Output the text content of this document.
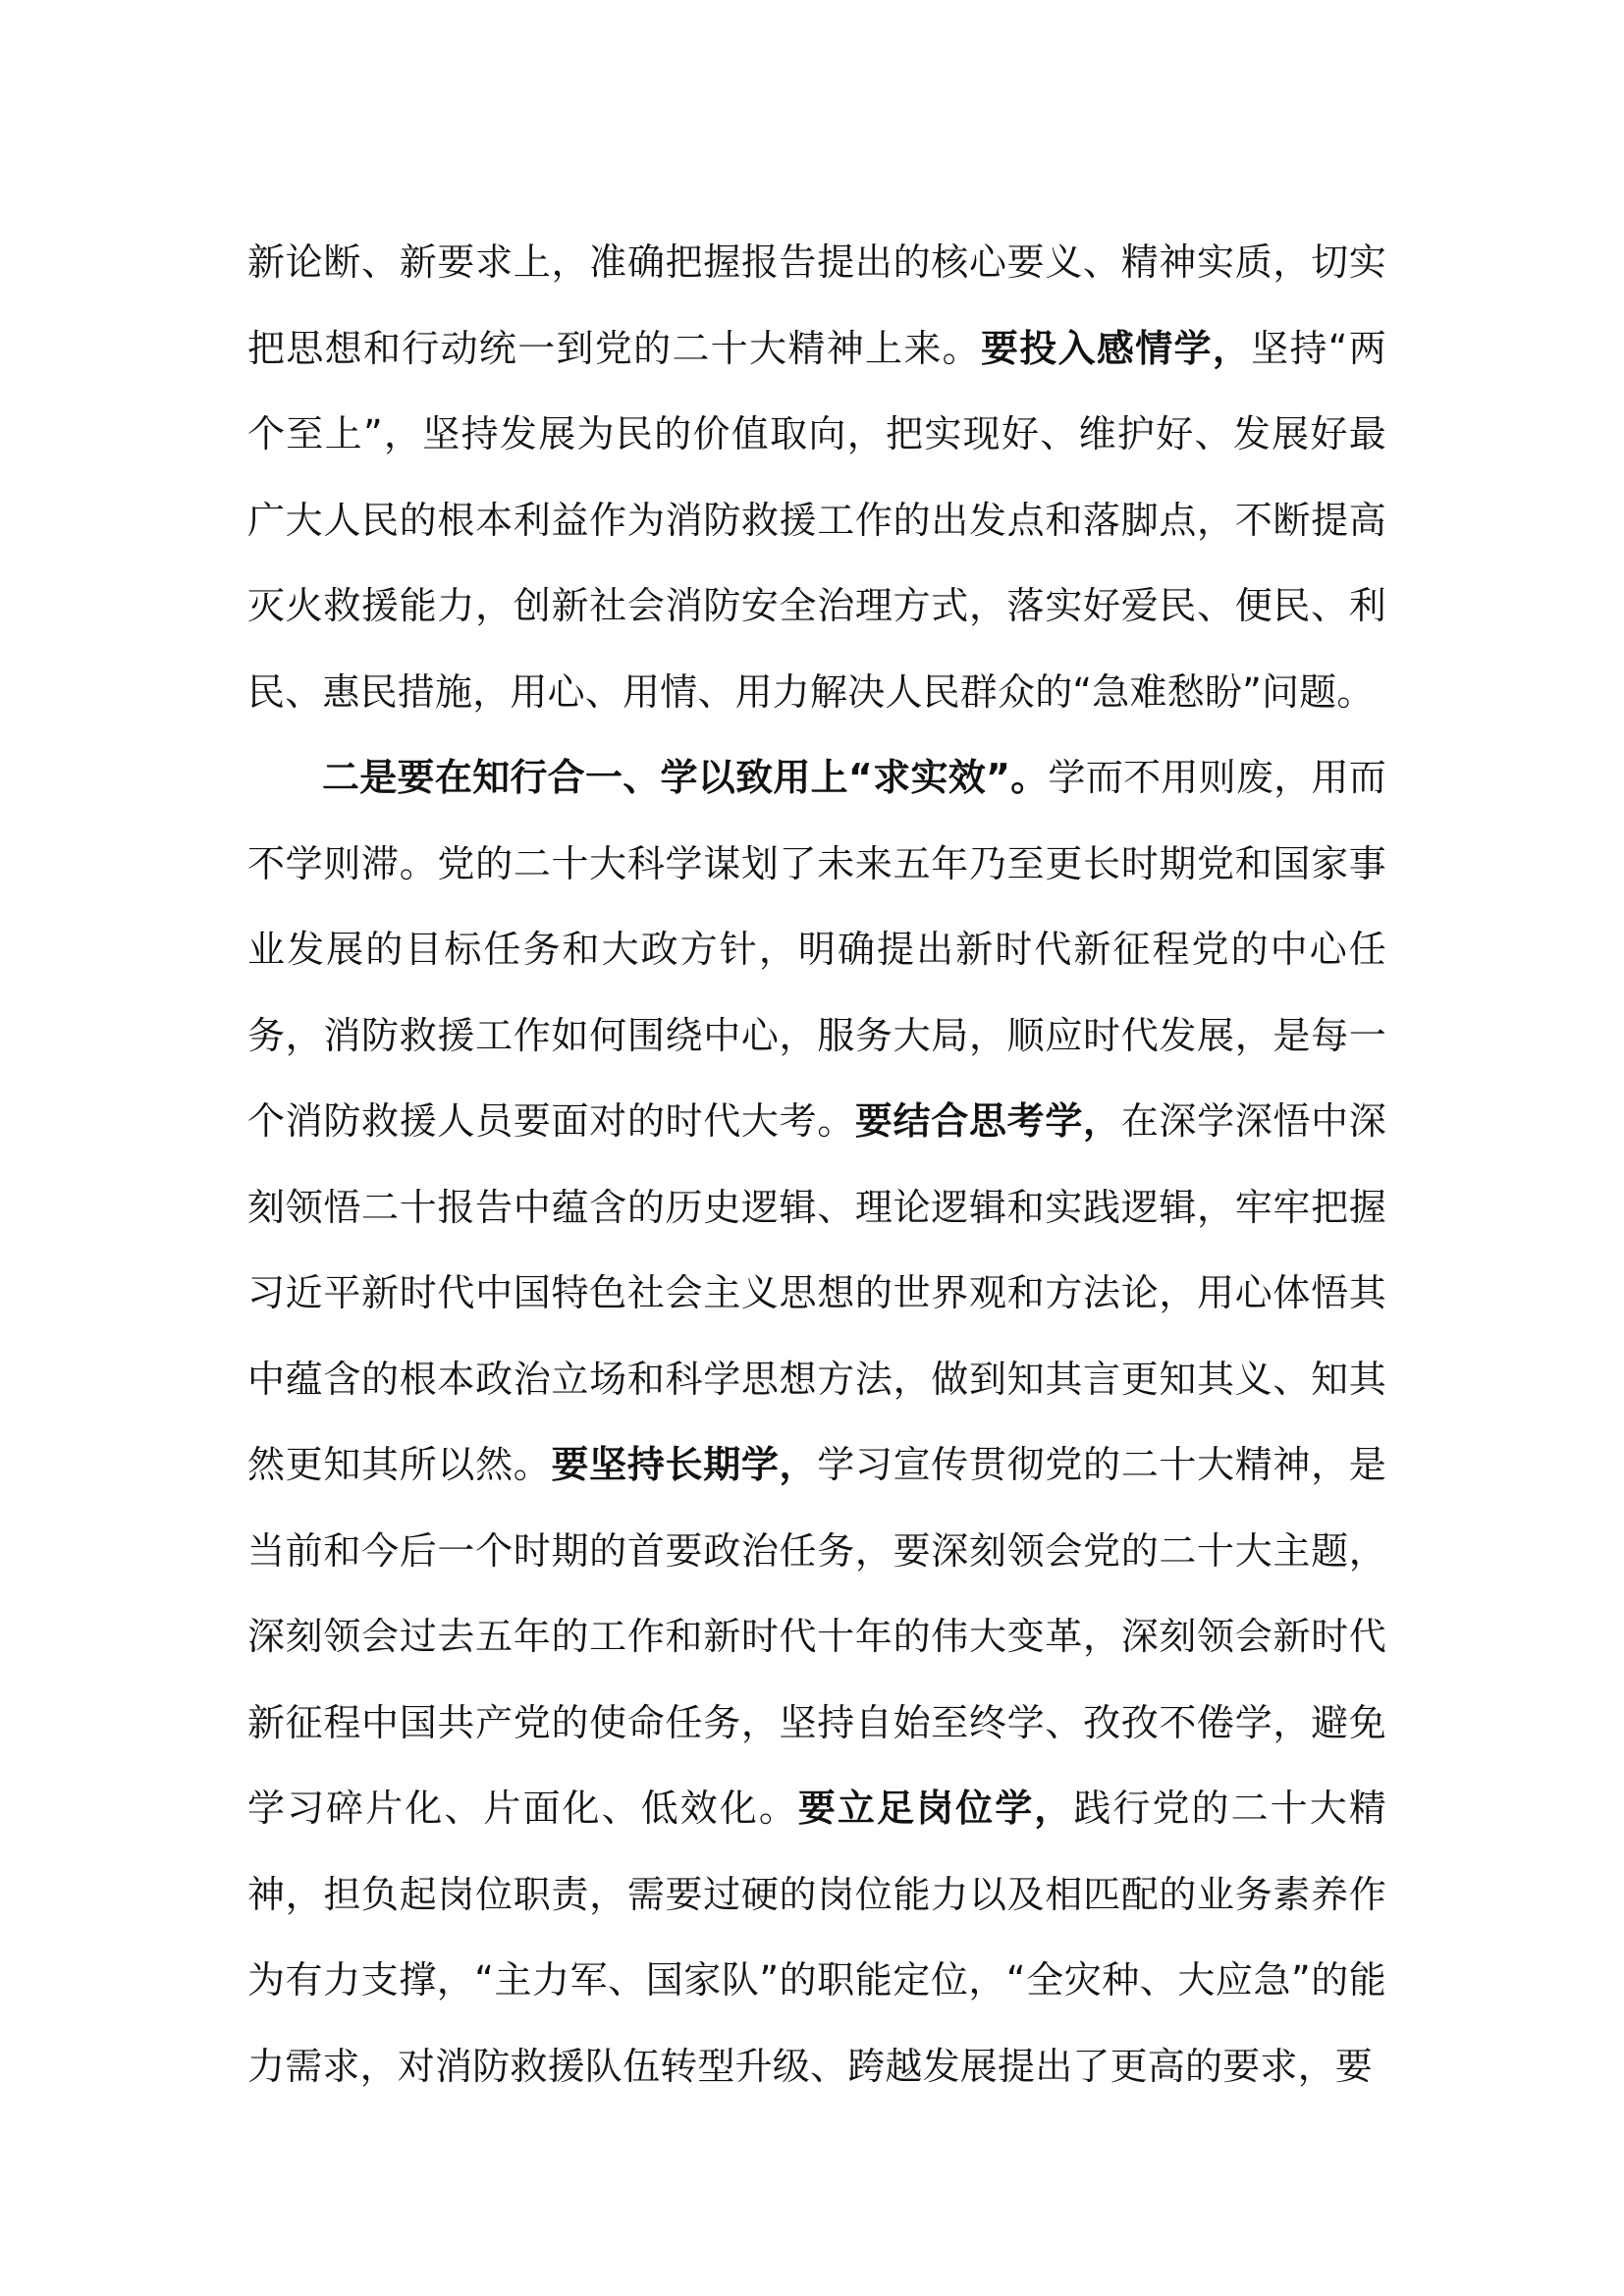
新论断、新要求上，准确把握报告提出的核心要义、精神实质，切实把思想和行动统一到党的二十大精神上来。要投入感情学，坚持“两个至上”，坚持发展为民的价值取向，把实现好、维护好、发展好最广大人民的根本利益作为消防救援工作的出发点和落脚点，不断提高灭火救援能力，创新社会消防安全治理方式，落实好爱民、便民、利民、惠民措施，用心、用情、用力解决人民群众的“急难愁盼”问题。

二是要在知行合一、学以致用上“求实效”。学而不用则废，用而不学则滞。党的二十大科学谋划了未来五年乃至更长时期党和国家事业发展的目标任务和大政方针，明确提出新时代新征程党的中心任务，消防救援工作如何围绕中心，服务大局，顺应时代发展，是每一个消防救援人员要面对的时代大考。要结合思考学，在深学深悟中深刻领悟二十报告中蕴含的历史逻辑、理论逻辑和实践逻辑，牢牢把握习近平新时代中国特色社会主义思想的世界观和方法论，用心体悟其中蕴含的根本政治立场和科学思想方法，做到知其言更知其义、知其然更知其所以然。要坚持长期学，学习宣传贯彻党的二十大精神，是当前和今后一个时期的首要政治任务，要深刻领会党的二十大主题，深刻领会过去五年的工作和新时代十年的伟大变革，深刻领会新时代新征程中国共产党的使命任务，坚持自始至终学、孜孜不倦学，避免学习碎片化、片面化、低效化。要立足岗位学，践行党的二十大精神，担负起岗位职责，需要过硬的岗位能力以及相匹配的业务素养作为有力支撑，“主力军、国家队”的职能定位，“全灾种、大应急”的能力需求，对消防救援队伍转型升级、跨越发展提出了更高的要求，要
